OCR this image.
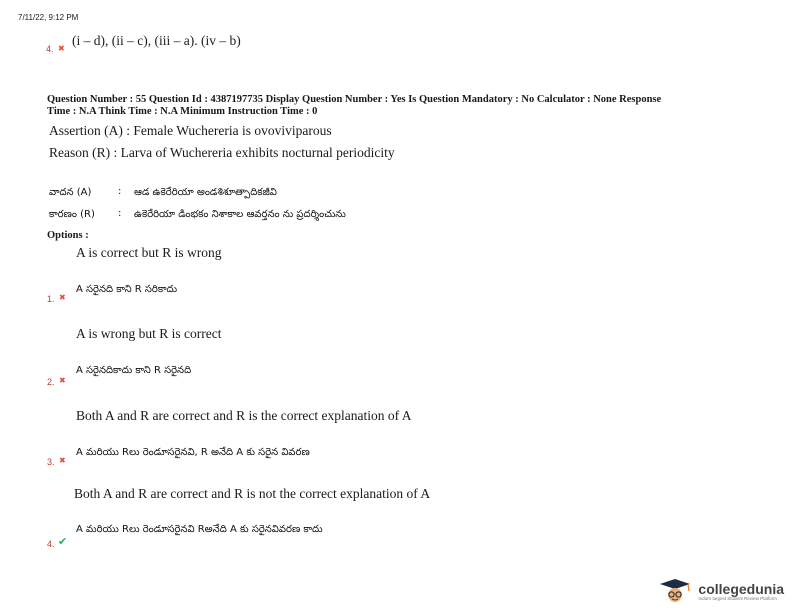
7/11/22, 9:12 PM
4. ✖
(i – d), (ii – c), (iii – a). (iv – b)
Question Number : 55 Question Id : 4387197735 Display Question Number : Yes Is Question Mandatory : No Calculator : None Response
Time : N.A Think Time : N.A Minimum Instruction Time : 0
Assertion (A) : Female Wuchereria is ovoviviparous
Reason (R) : Larva of Wuchereria exhibits nocturnal periodicity
వాదన (A)	: ఆడ ఉకెరేరియా అండశిశూత్పాదికజీవి
కారణం (R) : ఉకెరేరియా డింభకం నిశాకాల ఆవర్తనం ను ప్రదర్శించును
Options :
A is correct but R is wrong
A సరైనది కాని R సరికాదు
1. ✖
A is wrong but R is correct
A సరైనదికాదు కాని R సరైనది
2. ✖
Both A and R are correct and R is the correct explanation of A
A మరియు Rలు రెండూసరైనవి, R అనేది A కు సరైన వివరణ
3. ✖
Both A and R are correct and R is not the correct explanation of A
A మరియు Rలు రెండూసరైనవి Rఅనేది A కు సరైనవివరణ కాదు
4. ✔
collegedunia
India's largest Student Review Platform
